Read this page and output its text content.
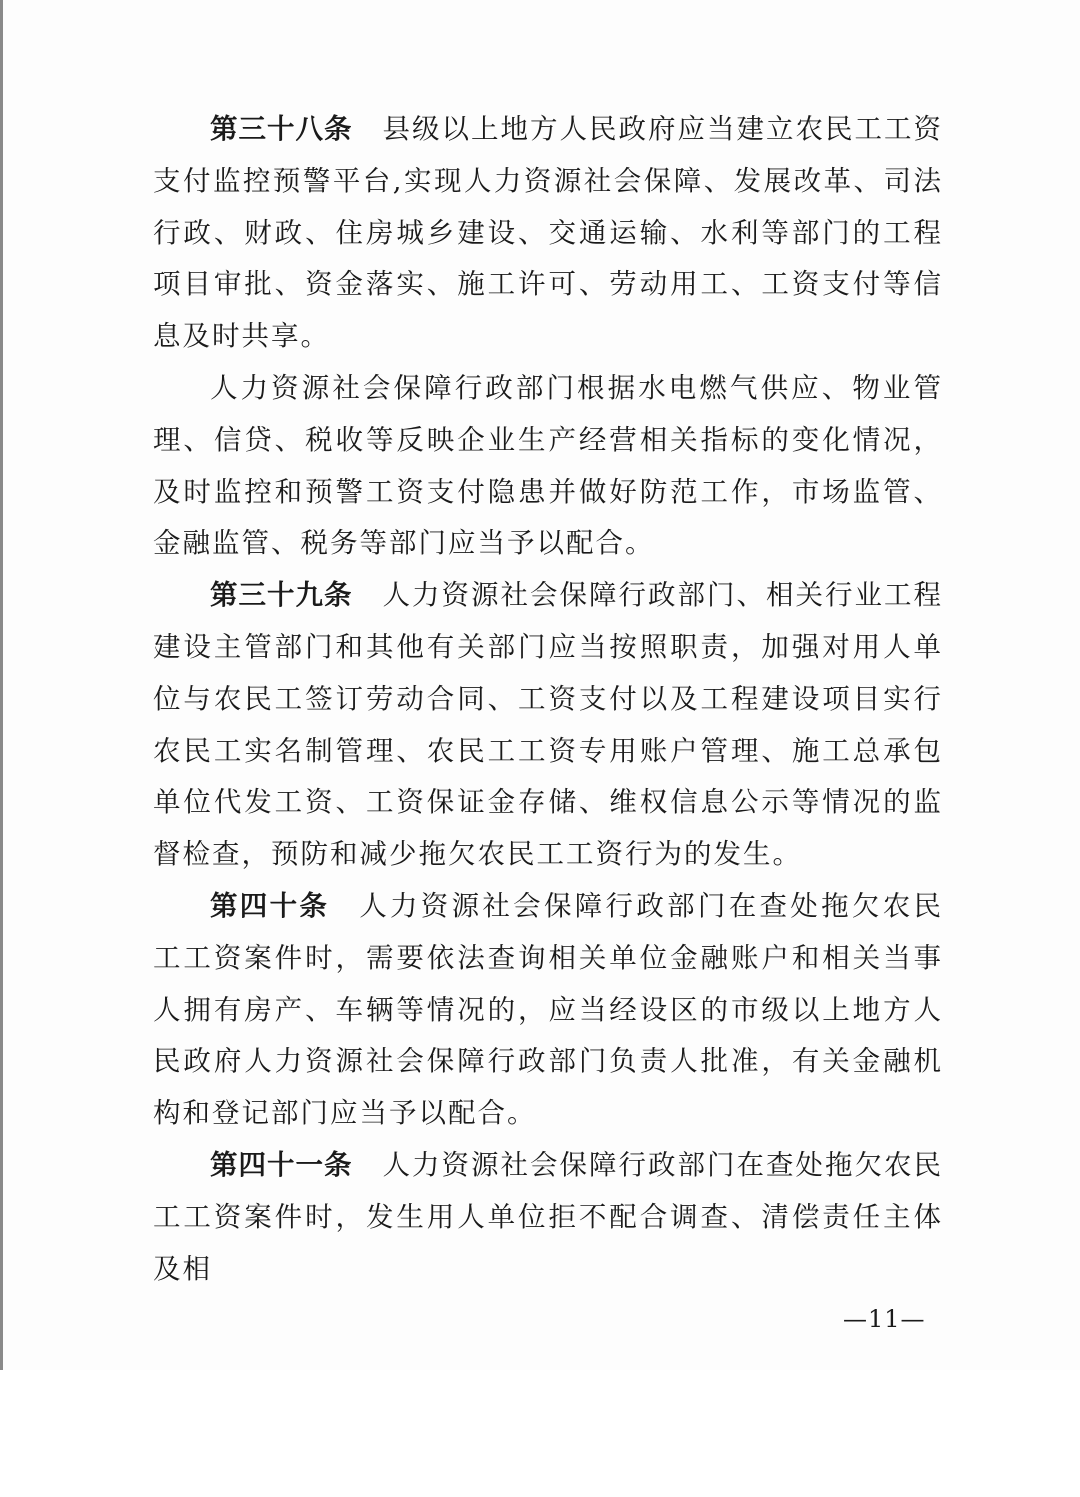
第三十八条 县级以上地方人民政府应当建立农民工工资支付监控预警平台,实现人力资源社会保障、发展改革、司法行政、财政、住房城乡建设、交通运输、水利等部门的工程项目审批、资金落实、施工许可、劳动用工、工资支付等信息及时共享。

人力资源社会保障行政部门根据水电燃气供应、物业管理、信贷、税收等反映企业生产经营相关指标的变化情况，及时监控和预警工资支付隐患并做好防范工作，市场监管、金融监管、税务等部门应当予以配合。

第三十九条 人力资源社会保障行政部门、相关行业工程建设主管部门和其他有关部门应当按照职责，加强对用人单位与农民工签订劳动合同、工资支付以及工程建设项目实行农民工实名制管理、农民工工资专用账户管理、施工总承包单位代发工资、工资保证金存储、维权信息公示等情况的监督检查，预防和减少拖欠农民工工资行为的发生。

第四十条 人力资源社会保障行政部门在查处拖欠农民工工资案件时，需要依法查询相关单位金融账户和相关当事人拥有房产、车辆等情况的，应当经设区的市级以上地方人民政府人力资源社会保障行政部门负责人批准，有关金融机构和登记部门应当予以配合。

第四十一条 人力资源社会保障行政部门在查处拖欠农民工工资案件时，发生用人单位拒不配合调查、清偿责任主体及相

—11—
